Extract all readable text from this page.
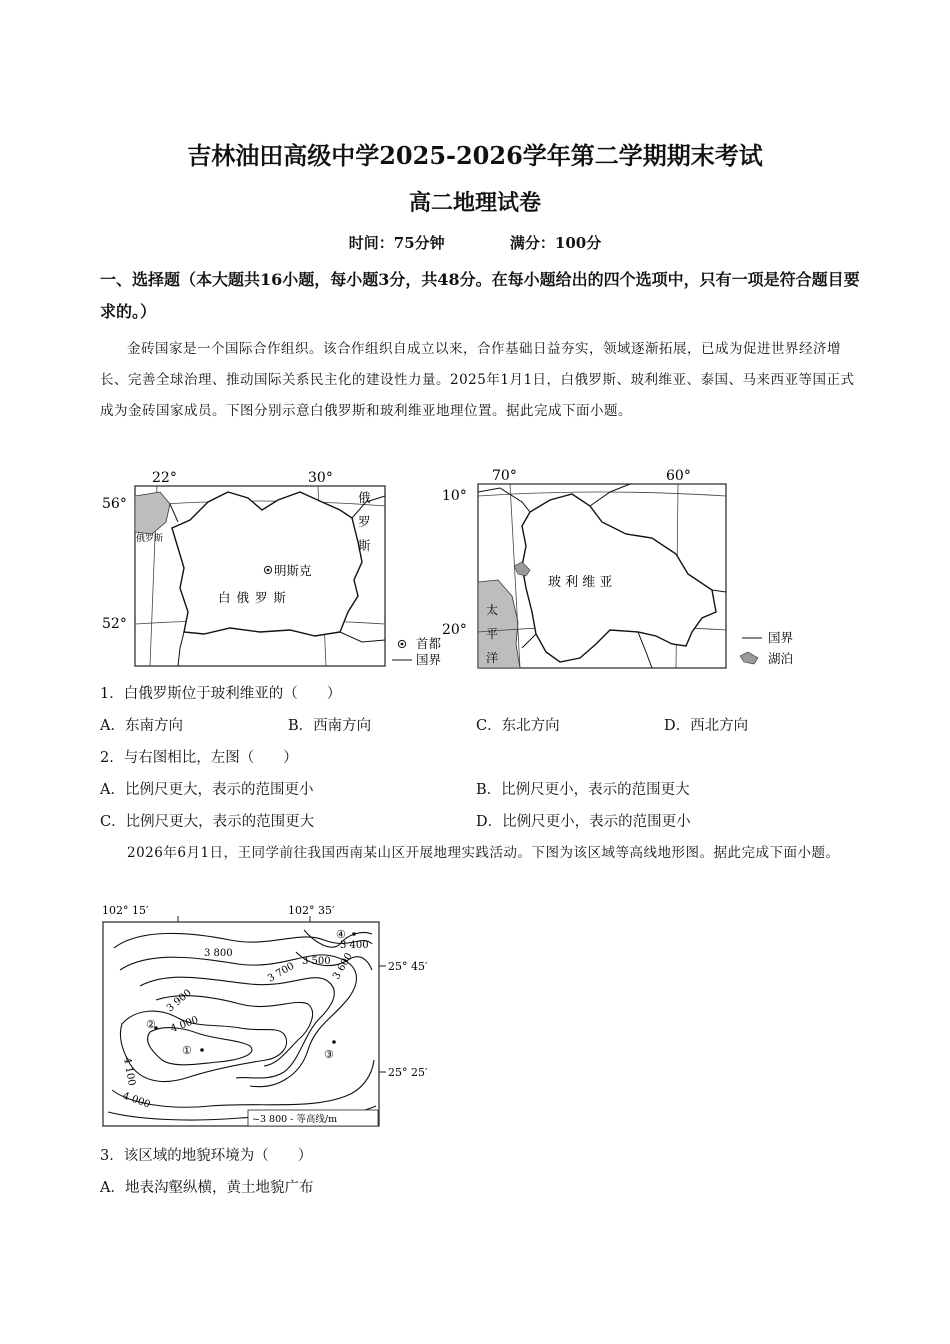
吉林油田高级中学2025-2026学年第二学期期末考试
高二地理试卷
时间：75分钟	满分：100分
一、选择题（本大题共16小题，每小题3分，共48分。在每小题给出的四个选项中，只有一项是符合题目要求的。）
金砖国家是一个国际合作组织。该合作组织自成立以来，合作基础日益夯实，领域逐渐拓展，已成为促进世界经济增长、完善全球治理、推动国际关系民主化的建设性力量。2025年1月1日，白俄罗斯、玻利维亚、泰国、马来西亚等国正式成为金砖国家成员。下图分别示意白俄罗斯和玻利维亚地理位置。据此完成下面小题。
22°	30°
56°
52°
明斯克
白 俄 罗 斯
俄罗斯
俄
罗
斯
首都
国界
70°	60°
10°
20°
玻 利 维 亚
太
平
洋
国界
湖泊
1．白俄罗斯位于玻利维亚的（　　）
A．东南方向	B．西南方向	C．东北方向	D．西北方向
2．与右图相比，左图（　　）
A．比例尺更大，表示的范围更小	B．比例尺更小，表示的范围更大
C．比例尺更大，表示的范围更大	D．比例尺更小，表示的范围更小
2026年6月1日，王同学前往我国西南某山区开展地理实践活动。下图为该区域等高线地形图。据此完成下面小题。
102° 15′	102° 35′
25° 45′
25° 25′
3 400
3 500 3 600
3 700
3 800
3 900
4 000
4 100
4 000
①
②
③
④
~3 800 - 等高线/m
3．该区域的地貌环境为（　　）
A．地表沟壑纵横，黄土地貌广布
